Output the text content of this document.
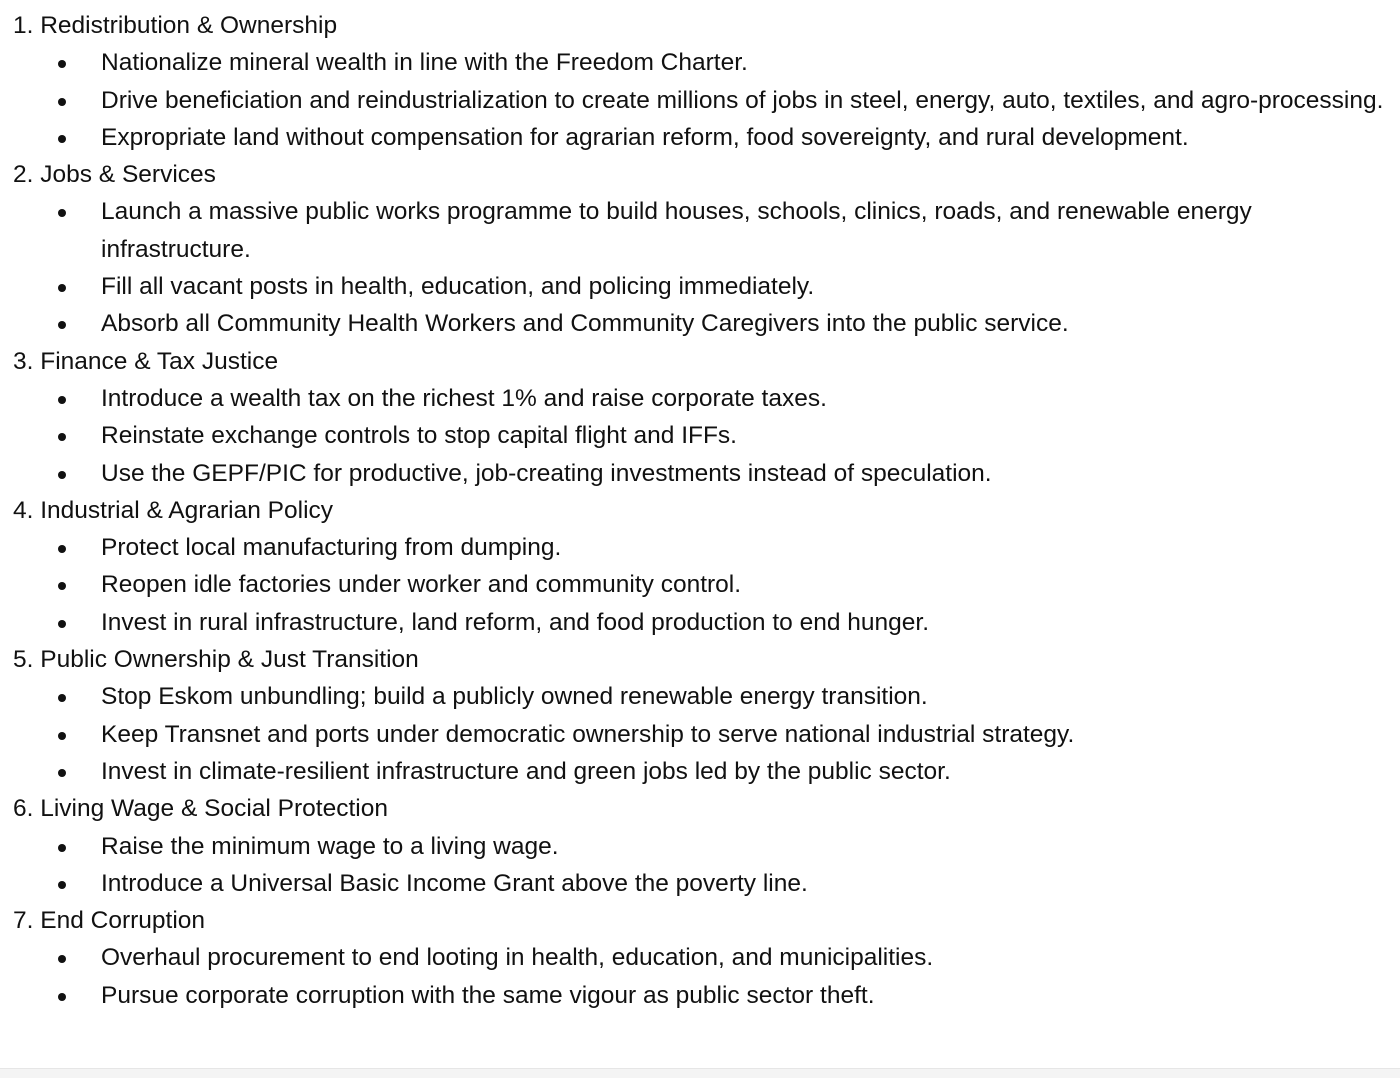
1. Redistribution & Ownership
Nationalize mineral wealth in line with the Freedom Charter.
Drive beneficiation and reindustrialization to create millions of jobs in steel, energy, auto, textiles, and agro-processing.
Expropriate land without compensation for agrarian reform, food sovereignty, and rural development.
2. Jobs & Services
Launch a massive public works programme to build houses, schools, clinics, roads, and renewable energy infrastructure.
Fill all vacant posts in health, education, and policing immediately.
Absorb all Community Health Workers and Community Caregivers into the public service.
3. Finance & Tax Justice
Introduce a wealth tax on the richest 1% and raise corporate taxes.
Reinstate exchange controls to stop capital flight and IFFs.
Use the GEPF/PIC for productive, job-creating investments instead of speculation.
4. Industrial & Agrarian Policy
Protect local manufacturing from dumping.
Reopen idle factories under worker and community control.
Invest in rural infrastructure, land reform, and food production to end hunger.
5. Public Ownership & Just Transition
Stop Eskom unbundling; build a publicly owned renewable energy transition.
Keep Transnet and ports under democratic ownership to serve national industrial strategy.
Invest in climate-resilient infrastructure and green jobs led by the public sector.
6. Living Wage & Social Protection
Raise the minimum wage to a living wage.
Introduce a Universal Basic Income Grant above the poverty line.
7. End Corruption
Overhaul procurement to end looting in health, education, and municipalities.
Pursue corporate corruption with the same vigour as public sector theft.
